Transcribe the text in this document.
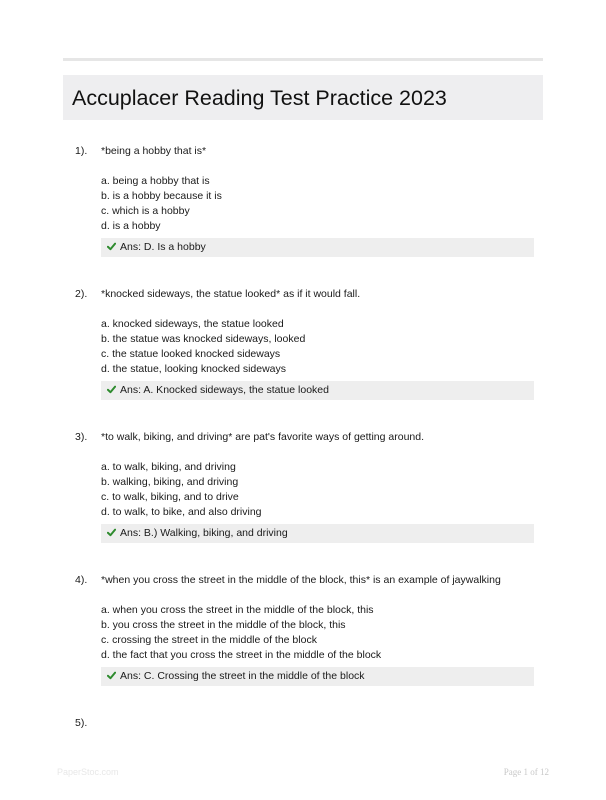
Accuplacer Reading Test Practice 2023
1). *being a hobby that is*
a. being a hobby that is
b. is a hobby because it is
c. which is a hobby
d. is a hobby
Ans: D. Is a hobby
2). *knocked sideways, the statue looked* as if it would fall.
a. knocked sideways, the statue looked
b. the statue was knocked sideways, looked
c. the statue looked knocked sideways
d. the statue, looking knocked sideways
Ans: A. Knocked sideways, the statue looked
3). *to walk, biking, and driving* are pat's favorite ways of getting around.
a. to walk, biking, and driving
b. walking, biking, and driving
c. to walk, biking, and to drive
d. to walk, to bike, and also driving
Ans: B.) Walking, biking, and driving
4). *when you cross the street in the middle of the block, this* is an example of jaywalking
a. when you cross the street in the middle of the block, this
b. you cross the street in the middle of the block, this
c. crossing the street in the middle of the block
d. the fact that you cross the street in the middle of the block
Ans: C. Crossing the street in the middle of the block
5).
PaperStoc.com	Page 1 of 12
